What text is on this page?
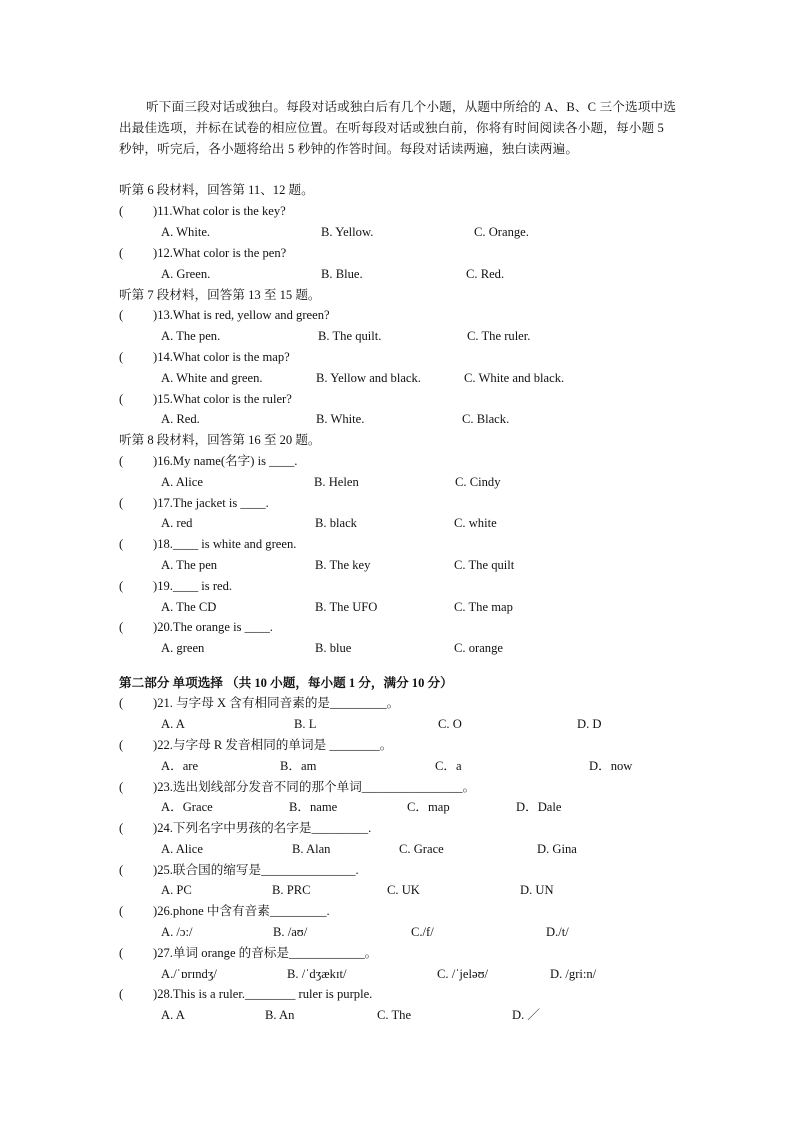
听下面三段对话或独白。每段对话或独白后有几个小题，从题中所给的 A、B、C 三个选项中选出最佳选项，并标在试卷的相应位置。在听每段对话或独白前，你将有时间阅读各小题，每小题 5 秒钟，听完后，各小题将给出 5 秒钟的作答时间。每段对话读两遍，独白读两遍。
听第 6 段材料，回答第 11、12 题。
( )11.What color is the key?
A. White.	B. Yellow.	C. Orange.
( )12.What color is the pen?
A. Green.	B. Blue.	C. Red.
听第 7 段材料，回答第 13 至 15 题。
( )13.What is red, yellow and green?
A. The pen.	B. The quilt.	C. The ruler.
( )14.What color is the map?
A. White and green.	B. Yellow and black.	C. White and black.
( )15.What color is the ruler?
A. Red.	B. White.	C. Black.
听第 8 段材料，回答第 16 至 20 题。
( )16.My name(名字) is ____.
A. Alice	B. Helen	C. Cindy
( )17.The jacket is ____.
A. red	B. black	C. white
( )18.____ is white and green.
A. The pen	B. The key	C. The quilt
( )19.____ is red.
A. The CD	B. The UFO	C. The map
( )20.The orange is ____.
A. green	B. blue	C. orange
第二部分 单项选择 （共 10 小题，每小题 1 分，满分 10 分）
( )21. 与字母 X 含有相同音素的是_________。
A. A	B. L	C. O	D. D
( )22.与字母 R 发音相同的单词是 ________。
A．are	B．am	C．a	D．now
( )23.选出划线部分发音不同的那个单词________________。
A．Grace	B．name	C．map	D．Dale
( )24.下列名字中男孩的名字是_________.
A. Alice	B. Alan	C. Grace	D. Gina
( )25.联合国的缩写是_______________.
A. PC	B. PRC	C. UK	D. UN
( )26.phone 中含有音素_________.
A. /ɔ:/	B. /aʊ/	C./f/	D./t/
( )27.单词 orange 的音标是____________。
A./ˈɒrɪndʒ/	B. /ˈdʒækɪt/	C. /ˈjeləʊ/	D. /gri:n/
( )28.This is a ruler.________ ruler is purple.
A. A	B. An	C. The	D. ／
